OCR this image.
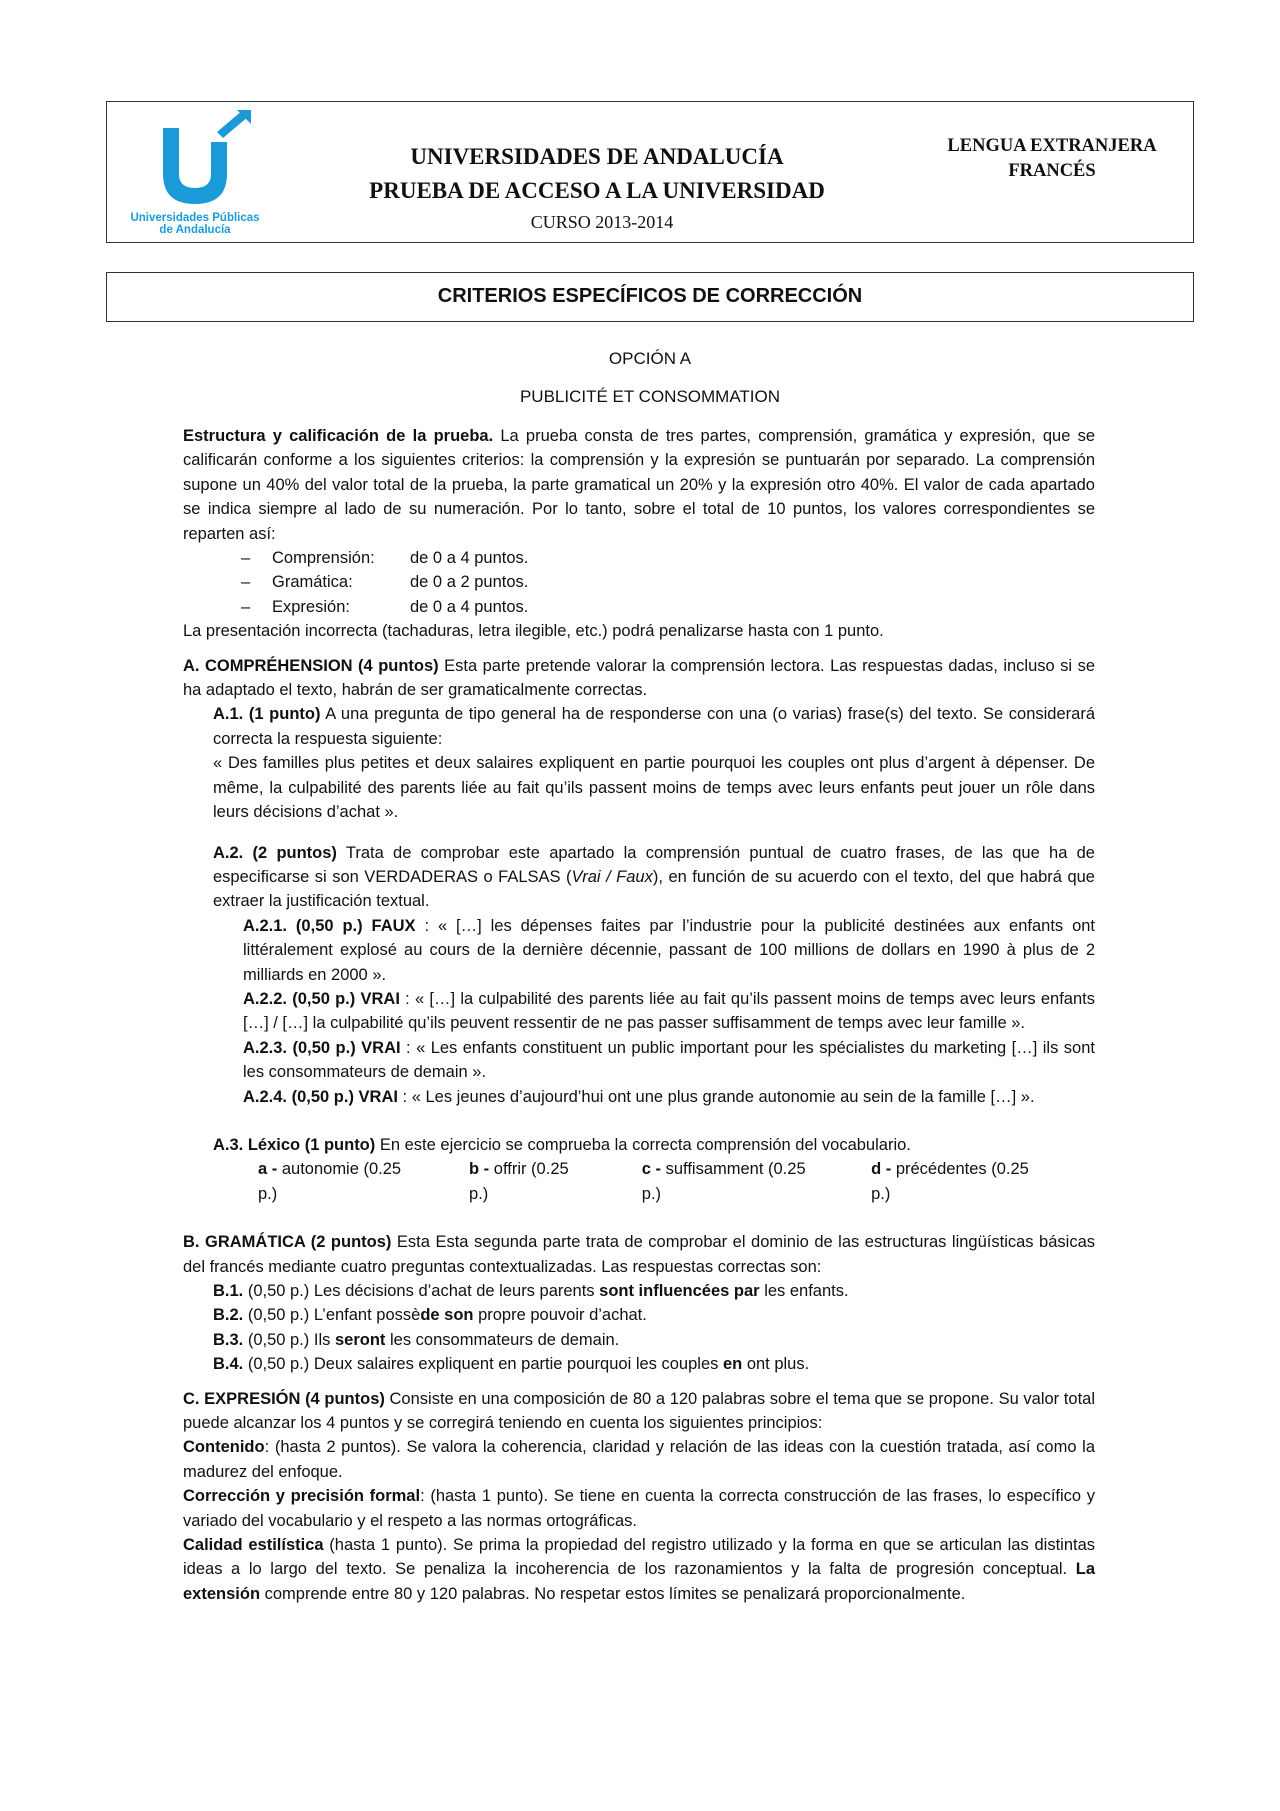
Universidades Públicas
de Andalucía
UNIVERSIDADES DE ANDALUCÍA
PRUEBA DE ACCESO A LA UNIVERSIDAD
CURSO 2013-2014
LENGUA EXTRANJERA
FRANCÉS
CRITERIOS ESPECÍFICOS DE CORRECCIÓN
OPCIÓN A
PUBLICITÉ ET CONSOMMATION

Estructura y calificación de la prueba. La prueba consta de tres partes, comprensión, gramática y expresión, que se calificarán conforme a los siguientes criterios: la comprensión y la expresión se puntuarán por separado. La comprensión supone un 40% del valor total de la prueba, la parte gramatical un 20% y la expresión otro 40%. El valor de cada apartado se indica siempre al lado de su numeración. Por lo tanto, sobre el total de 10 puntos, los valores correspondientes se reparten así:

–	Comprensión:	de 0 a 4 puntos.
–	Gramática:	de 0 a 2 puntos.
–	Expresión:	de 0 a 4 puntos.

La presentación incorrecta (tachaduras, letra ilegible, etc.) podrá penalizarse hasta con 1 punto.

A. COMPRÉHENSION (4 puntos) Esta parte pretende valorar la comprensión lectora. Las respuestas dadas, incluso si se ha adaptado el texto, habrán de ser gramaticalmente correctas.

A.1. (1 punto) A una pregunta de tipo general ha de responderse con una (o varias) frase(s) del texto. Se considerará correcta la respuesta siguiente:

« Des familles plus petites et deux salaires expliquent en partie pourquoi les couples ont plus d’argent à dépenser. De même, la culpabilité des parents liée au fait qu’ils passent moins de temps avec leurs enfants peut jouer un rôle dans leurs décisions d’achat ».

A.2. (2 puntos) Trata de comprobar este apartado la comprensión puntual de cuatro frases, de las que ha de especificarse si son VERDADERAS o FALSAS (Vrai / Faux), en función de su acuerdo con el texto, del que habrá que extraer la justificación textual.

A.2.1. (0,50 p.) FAUX : « […] les dépenses faites par l’industrie pour la publicité destinées aux enfants ont littéralement explosé au cours de la dernière décennie, passant de 100 millions de dollars en 1990 à plus de 2 milliards en 2000 ».

A.2.2. (0,50 p.) VRAI : « […] la culpabilité des parents liée au fait qu’ils passent moins de temps avec leurs enfants […] / […] la culpabilité qu’ils peuvent ressentir de ne pas passer suffisamment de temps avec leur famille ».

A.2.3. (0,50 p.) VRAI : « Les enfants constituent un public important pour les spécialistes du marketing […] ils sont les consommateurs de demain ».

A.2.4. (0,50 p.) VRAI : « Les jeunes d’aujourd’hui ont une plus grande autonomie au sein de la famille […] ».

A.3. Léxico (1 punto) En este ejercicio se comprueba la correcta comprensión del vocabulario.

a - autonomie (0.25 p.)
b - offrir (0.25 p.)
c - suffisamment (0.25 p.)
d - précédentes (0.25 p.)

B. GRAMÁTICA (2 puntos) Esta Esta segunda parte trata de comprobar el dominio de las estructuras lingüísticas básicas del francés mediante cuatro preguntas contextualizadas. Las respuestas correctas son:

B.1. (0,50 p.) Les décisions d’achat de leurs parents sont influencées par les enfants.

B.2. (0,50 p.) L’enfant possède son propre pouvoir d’achat.

B.3. (0,50 p.) Ils seront les consommateurs de demain.

B.4. (0,50 p.) Deux salaires expliquent en partie pourquoi les couples en ont plus.

C. EXPRESIÓN (4 puntos) Consiste en una composición de 80 a 120 palabras sobre el tema que se propone. Su valor total puede alcanzar los 4 puntos y se corregirá teniendo en cuenta los siguientes principios:

Contenido: (hasta 2 puntos). Se valora la coherencia, claridad y relación de las ideas con la cuestión tratada, así como la madurez del enfoque.

Corrección y precisión formal: (hasta 1 punto). Se tiene en cuenta la correcta construcción de las frases, lo específico y variado del vocabulario y el respeto a las normas ortográficas.

Calidad estilística (hasta 1 punto). Se prima la propiedad del registro utilizado y la forma en que se articulan las distintas ideas a lo largo del texto. Se penaliza la incoherencia de los razonamientos y la falta de progresión conceptual. La extensión comprende entre 80 y 120 palabras. No respetar estos límites se penalizará proporcionalmente.
